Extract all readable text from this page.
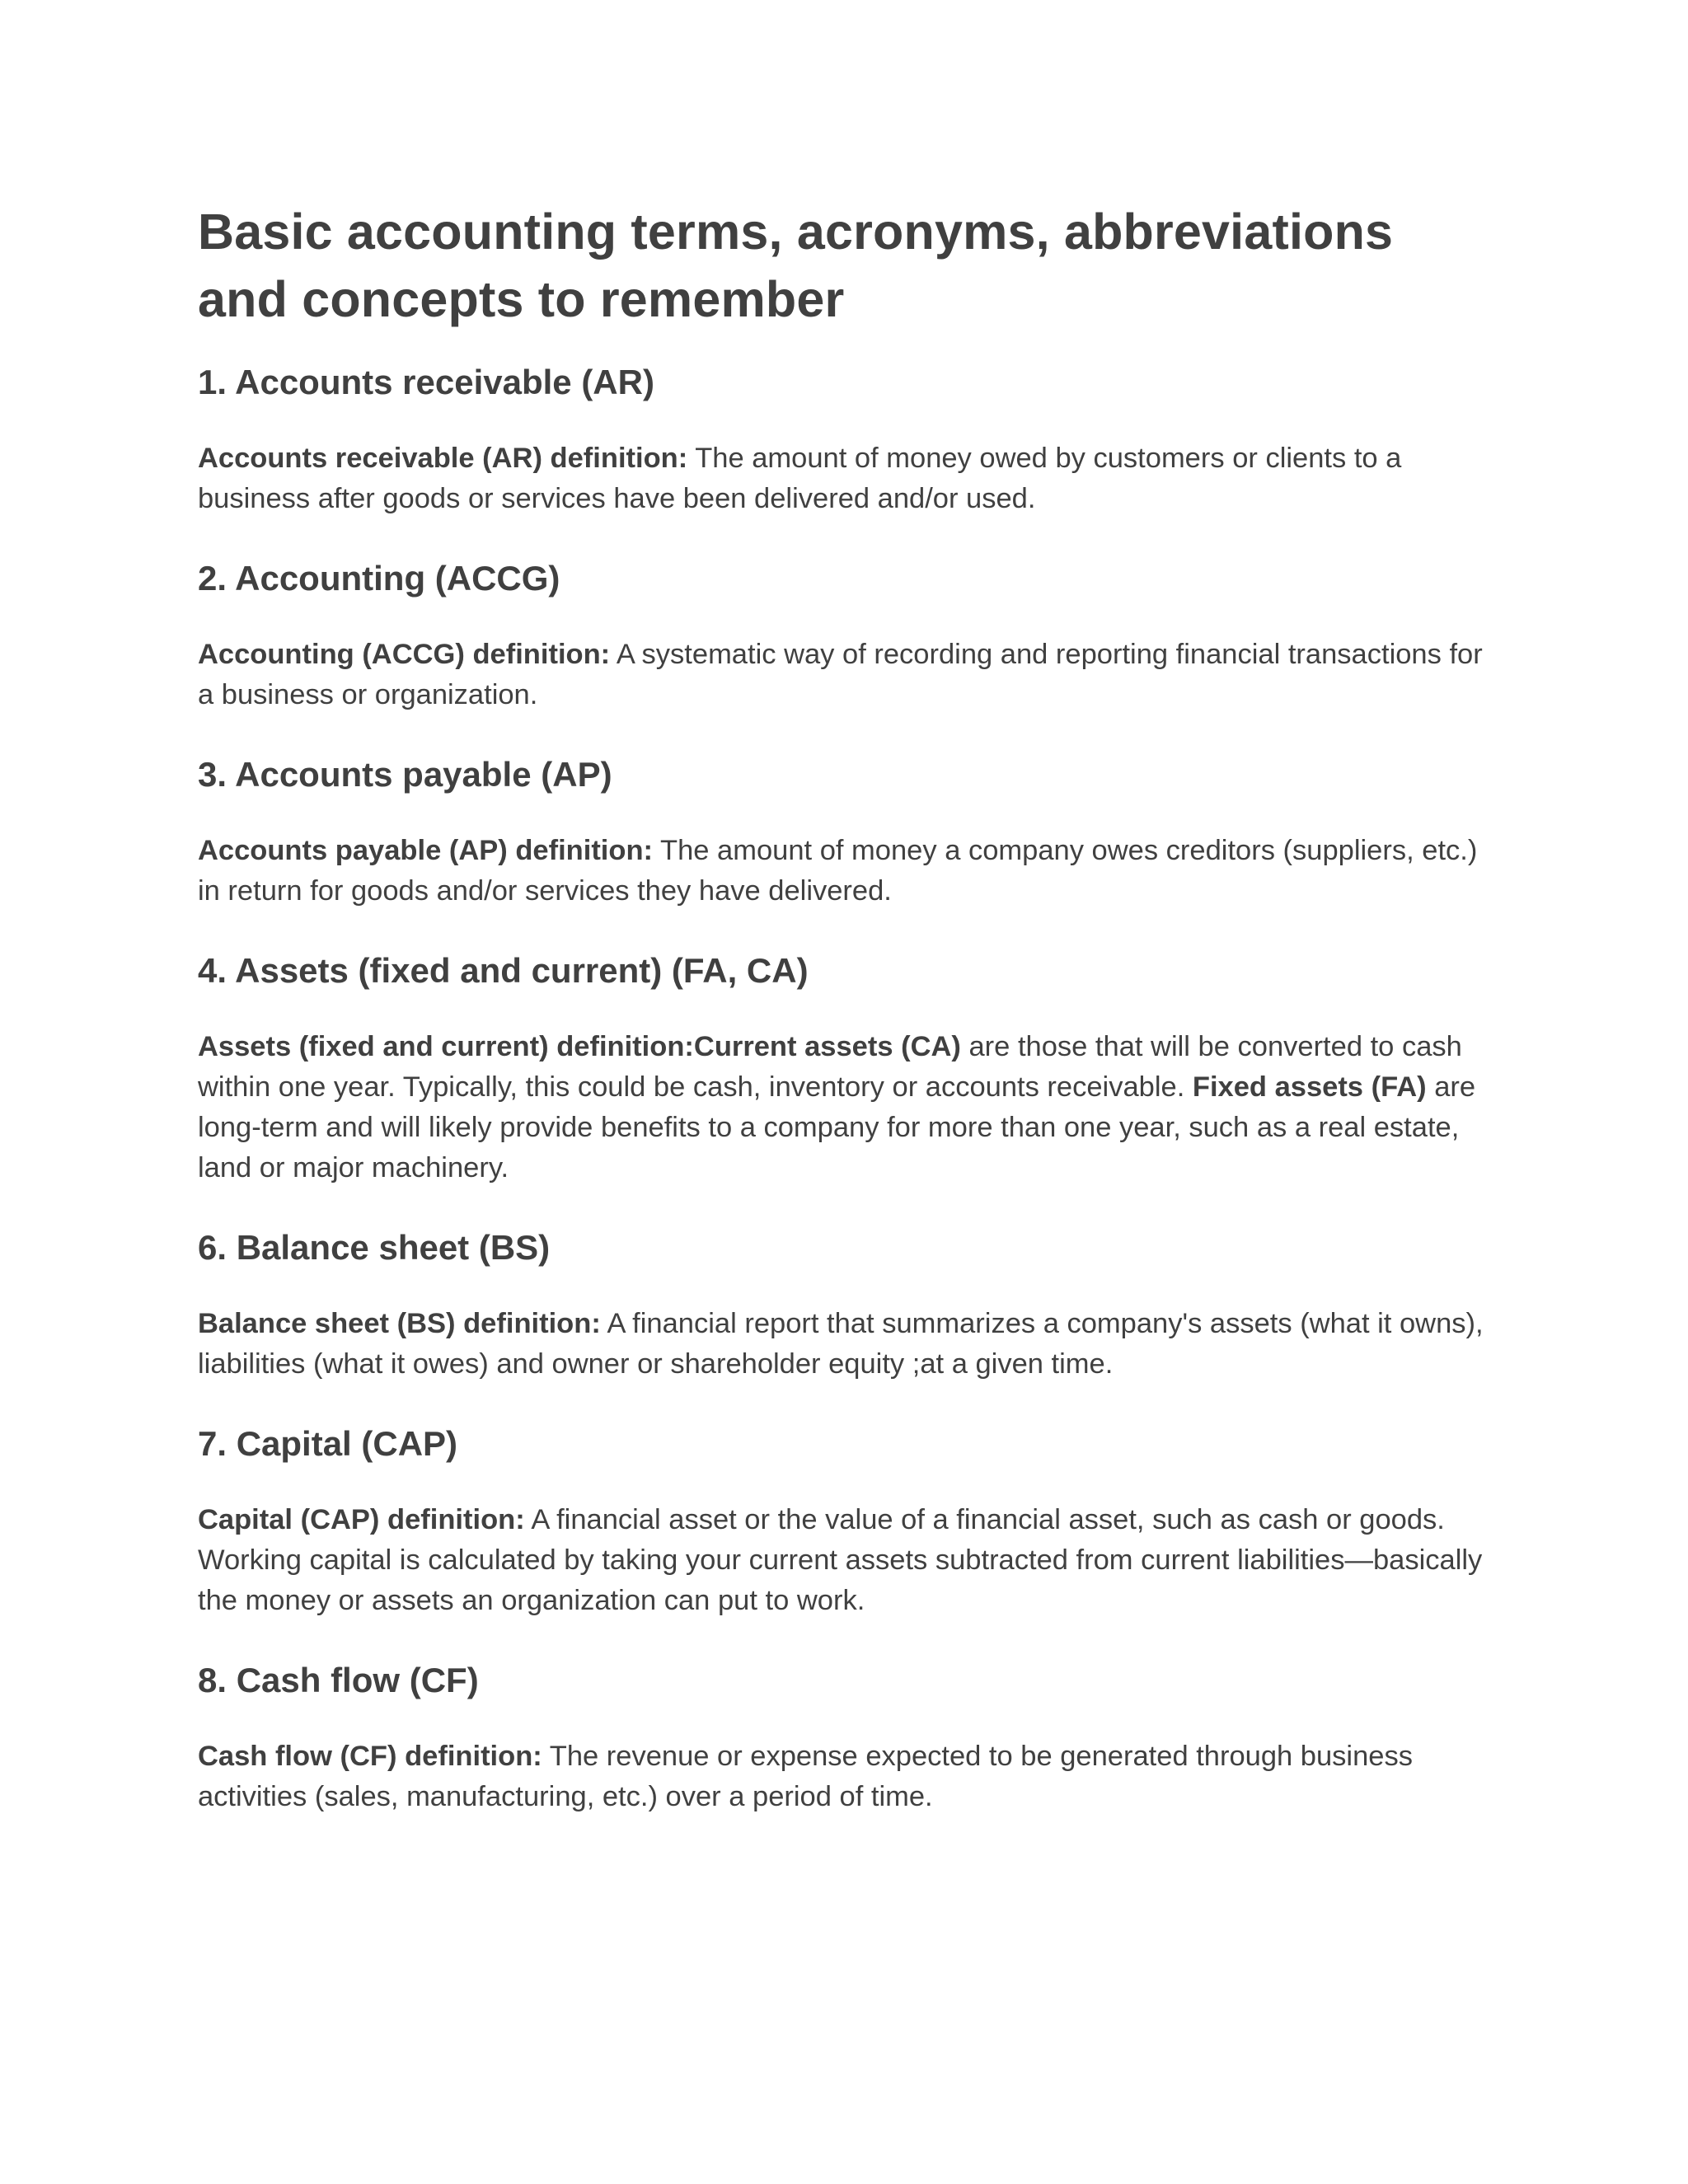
Basic accounting terms, acronyms, abbreviations and concepts to remember
1. Accounts receivable (AR)

Accounts receivable (AR) definition: The amount of money owed by customers or clients to a business after goods or services have been delivered and/or used.

2. Accounting (ACCG)

Accounting (ACCG) definition: A systematic way of recording and reporting financial transactions for a business or organization.

3. Accounts payable (AP)

Accounts payable (AP) definition: The amount of money a company owes creditors (suppliers, etc.) in return for goods and/or services they have delivered.

4. Assets (fixed and current) (FA, CA)

Assets (fixed and current) definition:Current assets (CA) are those that will be converted to cash within one year. Typically, this could be cash, inventory or accounts receivable. Fixed assets (FA) are long-term and will likely provide benefits to a company for more than one year, such as a real estate, land or major machinery.

6. Balance sheet (BS)

Balance sheet (BS) definition: A financial report that summarizes a company's assets (what it owns), liabilities (what it owes) and owner or shareholder equity ;at a given time.

7. Capital (CAP)

Capital (CAP) definition: A financial asset or the value of a financial asset, such as cash or goods. Working capital is calculated by taking your current assets subtracted from current liabilities—basically the money or assets an organization can put to work.

8. Cash flow (CF)

Cash flow (CF) definition: The revenue or expense expected to be generated through business activities (sales, manufacturing, etc.) over a period of time.
